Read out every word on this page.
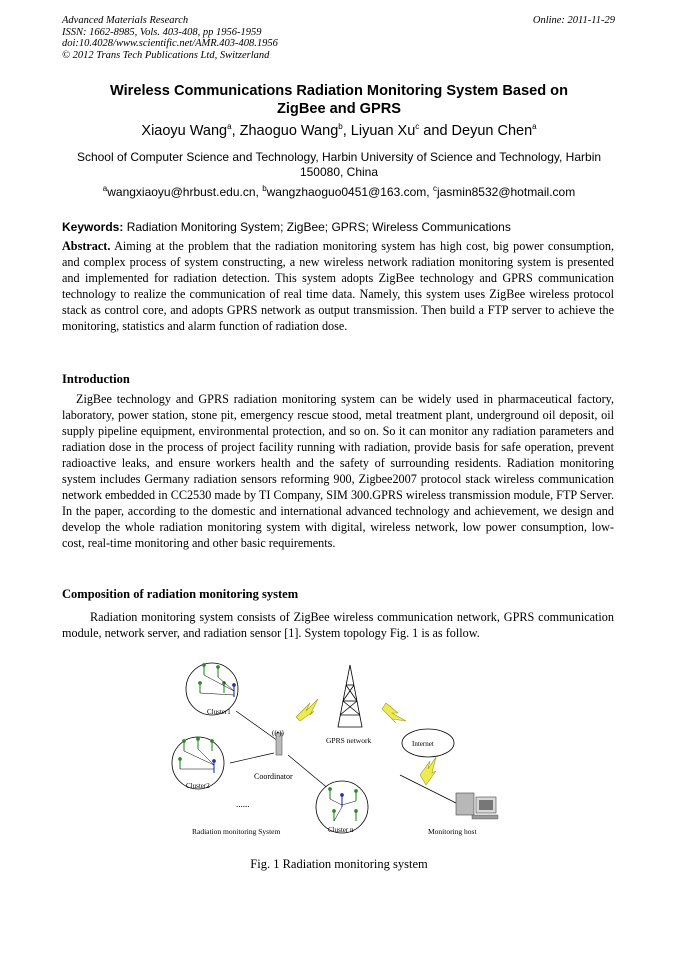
Advanced Materials Research
ISSN: 1662-8985, Vols. 403-408, pp 1956-1959
doi:10.4028/www.scientific.net/AMR.403-408.1956
© 2012 Trans Tech Publications Ltd, Switzerland
Online: 2011-11-29
Wireless Communications Radiation Monitoring System Based on
ZigBee and GPRS
Xiaoyu Wang$^a$, Zhaoguo Wang$^b$, Liyuan Xu$^c$ and Deyun Chen$^a$
School of Computer Science and Technology, Harbin University of Science and Technology, Harbin
150080, China
$^a$wangxiaoyu@hrbust.edu.cn, $^b$wangzhaoguo0451@163.com, $^c$jasmin8532@hotmail.com
Keywords: Radiation Monitoring System; ZigBee; GPRS; Wireless Communications
Abstract. Aiming at the problem that the radiation monitoring system has high cost, big power consumption, and complex process of system constructing, a new wireless network radiation monitoring system is presented and implemented for radiation detection. This system adopts ZigBee technology and GPRS communication technology to realize the communication of real time data. Namely, this system uses ZigBee wireless protocol stack as control core, and adopts GPRS network as output transmission. Then build a FTP server to achieve the monitoring, statistics and alarm function of radiation dose.
Introduction
ZigBee technology and GPRS radiation monitoring system can be widely used in pharmaceutical factory, laboratory, power station, stone pit, emergency rescue stood, metal treatment plant, underground oil deposit, oil supply pipeline equipment, environmental protection, and so on. So it can monitor any radiation parameters and radiation dose in the process of project facility running with radiation, provide basis for safe operation, prevent radioactive leaks, and ensure workers health and the safety of surrounding residents. Radiation monitoring system includes Germany radiation sensors reforming 900, Zigbee2007 protocol stack wireless communication network embedded in CC2530 made by TI Company, SIM 300.GPRS wireless transmission module, FTP Server. In the paper, according to the domestic and international advanced technology and achievement, we design and develop the whole radiation monitoring system with digital, wireless network, low power consumption, low-cost, real-time monitoring and other basic requirements.
Composition of radiation monitoring system
Radiation monitoring system consists of ZigBee wireless communication network, GPRS communication module, network server, and radiation sensor [1]. System topology Fig. 1 is as follow.
Cluster1
Cluster2
((•))
Coordinator
GPRS network	Internet
Cluster n	Monitoring host
......
Radiation monitoring System
Fig. 1 Radiation monitoring system
